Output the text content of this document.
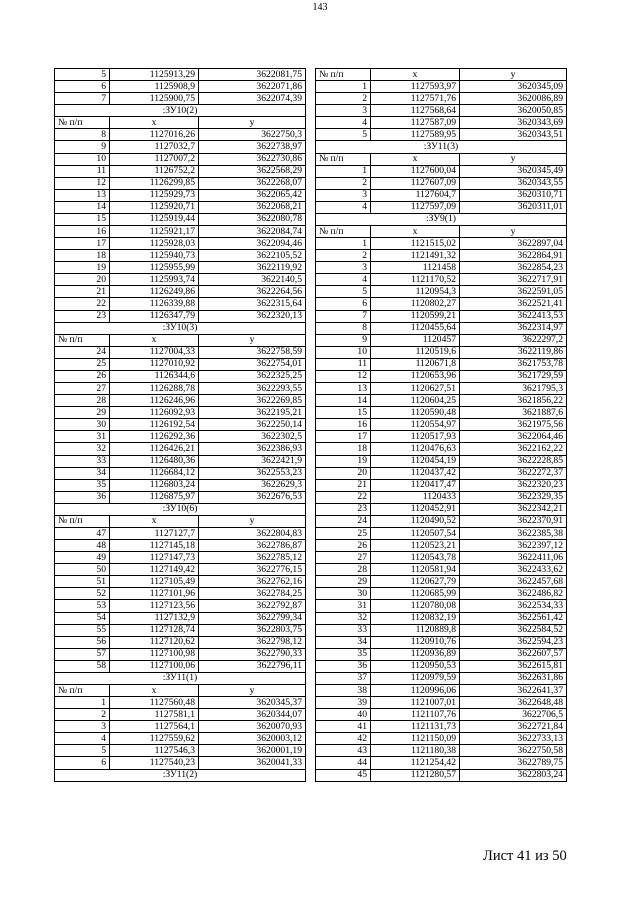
143
5	1125913,29	3622081,75
6	1125908,9	3622071,86
7	1125900,75	3622074,39
:ЗУ10(2)		
№ п/п	x	y
8	1127016,26	3622750,3
9	1127032,7	3622738,97
10	1127007,2	3622730,86
11	1126752,2	3622568,29
12	1126299,85	3622268,07
13	1125929,73	3622065,42
14	1125920,71	3622068,21
15	1125919,44	3622080,78
16	1125921,17	3622084,74
17	1125928,03	3622094,46
18	1125940,73	3622105,52
19	1125955,99	3622119,92
20	1125993,74	3622140,5
21	1126249,86	3622264,56
22	1126339,88	3622315,64
23	1126347,79	3622320,13
:ЗУ10(3)		
№ п/п	x	y
24	1127004,33	3622758,59
25	1127010,92	3622754,01
26	1126344,6	3622325,25
27	1126288,78	3622293,55
28	1126246,96	3622269,85
29	1126092,93	3622195,21
30	1126192,54	3622250,14
31	1126292,36	3622302,5
32	1126426,21	3622386,93
33	1126480,36	3622421,9
34	1126684,12	3622553,23
35	1126803,24	3622629,3
36	1126875,97	3622676,53
:ЗУ10(6)		
№ п/п	x	y
47	1127127,7	3622804,83
48	1127145,18	3622786,87
49	1127147,73	3622785,12
50	1127149,42	3622776,15
51	1127105,49	3622762,16
52	1127101,96	3622784,25
53	1127123,56	3622792,87
54	1127132,9	3622799,34
55	1127128,74	3622803,75
56	1127120,62	3622798,12
57	1127100,98	3622790,33
58	1127100,06	3622796,11
:ЗУ11(1)		
№ п/п	x	y
1	1127560,48	3620345,37
2	1127581,1	3620344,07
3	1127564,1	3620070,93
4	1127559,62	3620003,12
5	1127546,3	3620001,19
6	1127540,23	3620041,33
:ЗУ11(2)		
№ п/п	x	y
1	1127593,97	3620345,09
2	1127571,76	3620086,89
3	1127568,64	3620050,85
4	1127587,09	3620343,69
5	1127589,95	3620343,51
:ЗУ11(3)		
№ п/п	x	y
1	1127600,04	3620345,49
2	1127607,09	3620343,55
3	1127604,7	3620310,71
4	1127597,09	3620311,01
:ЗУ9(1)		
№ п/п	x	y
1	1121515,02	3622897,04
2	1121491,32	3622864,91
3	1121458	3622854,23
4	1121170,52	3622717,91
5	1120954,3	3622591,05
6	1120802,27	3622521,41
7	1120599,21	3622413,53
8	1120455,64	3622314,97
9	1120457	3622297,2
10	1120519,6	3622119,86
11	1120671,8	3621753,78
12	1120653,96	3621729,59
13	1120627,51	3621795,3
14	1120604,25	3621856,22
15	1120590,48	3621887,6
16	1120554,97	3621975,56
17	1120517,93	3622064,46
18	1120476,63	3622162,22
19	1120454,19	3622228,85
20	1120437,42	3622272,37
21	1120417,47	3622320,23
22	1120433	3622329,35
23	1120452,91	3622342,21
24	1120490,52	3622370,91
25	1120507,54	3622385,38
26	1120523,21	3622397,12
27	1120543,78	3622411,06
28	1120581,94	3622433,62
29	1120627,79	3622457,68
30	1120685,99	3622486,82
31	1120780,08	3622534,33
32	1120832,19	3622561,42
33	1120889,8	3622584,52
34	1120910,76	3622594,23
35	1120936,89	3622607,57
36	1120950,53	3622615,81
37	1120979,59	3622631,86
38	1120996,06	3622641,37
39	1121007,01	3622648,48
40	1121107,76	3622706,5
41	1121131,73	3622721,84
42	1121150,09	3622733,13
43	1121180,38	3622750,58
44	1121254,42	3622789,75
45	1121280,57	3622803,24
Лист 41 из 50
